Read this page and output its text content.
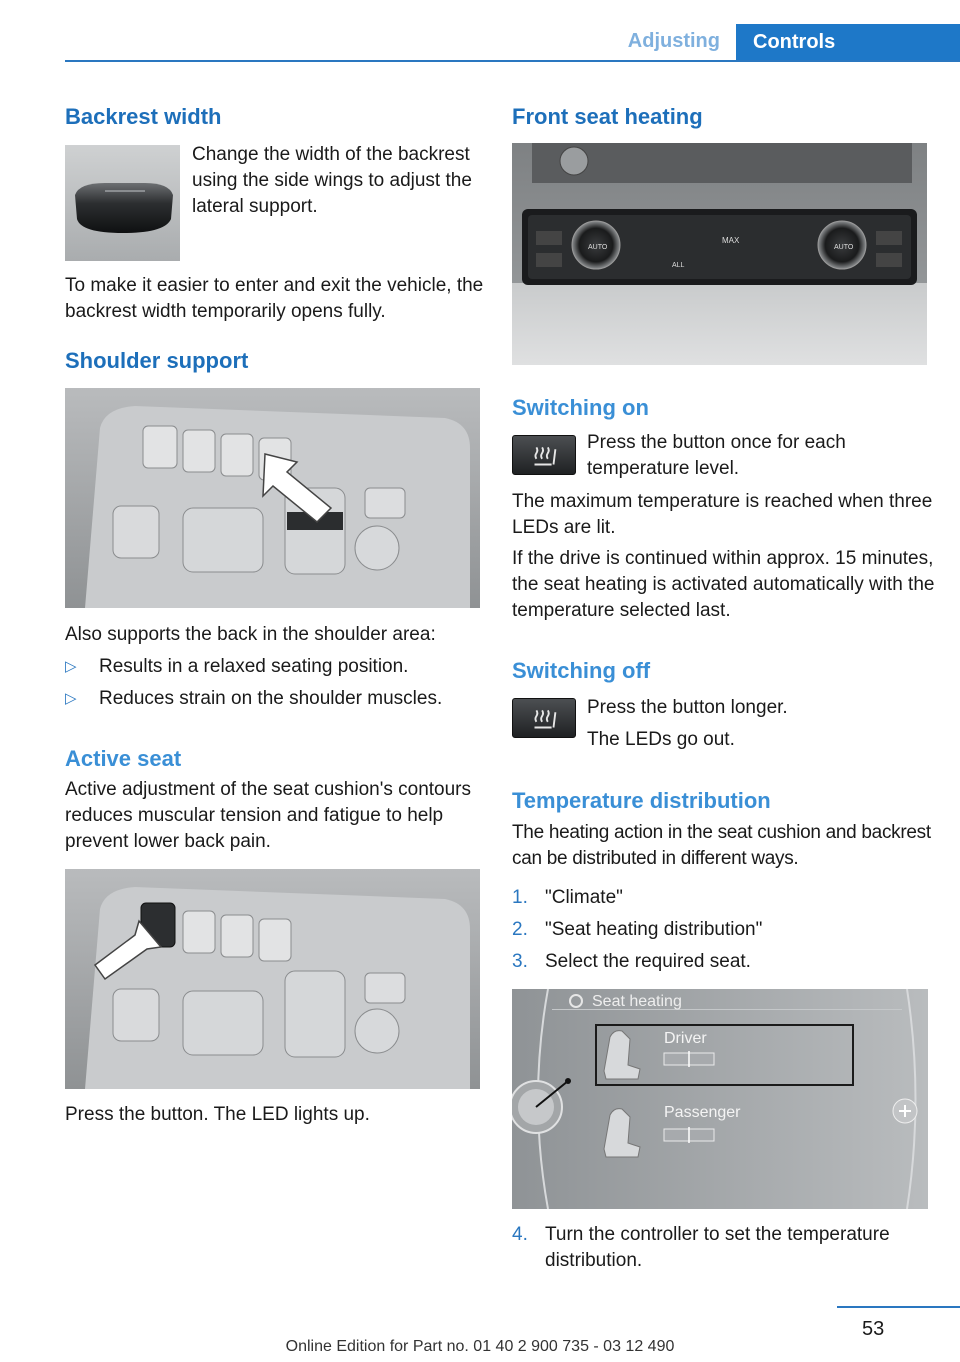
Adjusting	Controls
Backrest width
Change the width of the backrest using the side wings to adjust the lateral support.
To make it easier to enter and exit the vehicle, the backrest width temporarily opens fully.
Shoulder support
Also supports the back in the shoulder area:
▷ Results in a relaxed seating position.
▷ Reduces strain on the shoulder muscles.
Active seat
Active adjustment of the seat cushion's contours reduces muscular tension and fatigue to help prevent lower back pain.
Press the button. The LED lights up.
Front seat heating
AUTO	AUTO
MAX
ALL
Switching on
Press the button once for each temperature level.
The maximum temperature is reached when three LEDs are lit.
If the drive is continued within approx. 15 minutes, the seat heating is activated automatically with the temperature selected last.
Switching off
Press the button longer.
The LEDs go out.
Temperature distribution
The heating action in the seat cushion and backrest can be distributed in different ways.
1. "Climate"
2. "Seat heating distribution"
3. Select the required seat.
Seat heating
Driver
Passenger
4. Turn the controller to set the temperature distribution.
53
Online Edition for Part no. 01 40 2 900 735 - 03 12 490
